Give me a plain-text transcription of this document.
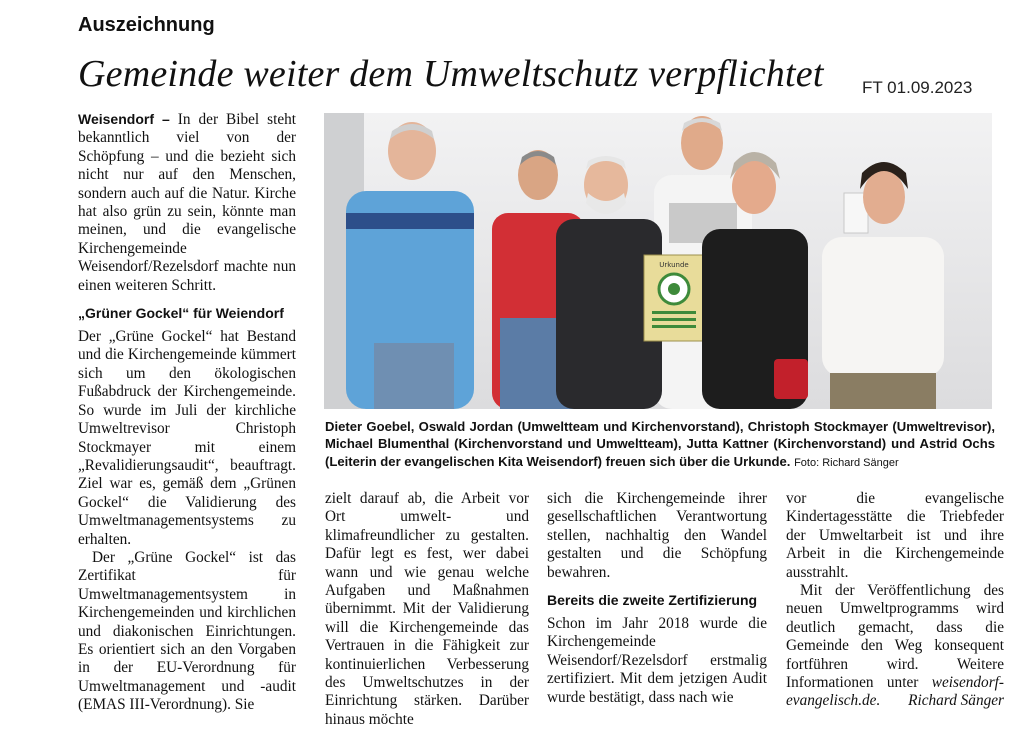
Auszeichnung
Gemeinde weiter dem Umweltschutz verpflichtet FT 01.09.2023

Weisendorf – In der Bibel steht bekanntlich viel von der Schöpfung – und die bezieht sich nicht nur auf den Menschen, sondern auch auf die Natur. Kirche hat also grün zu sein, könnte man meinen, und die evangelische Kirchengemeinde Weisendorf/Rezelsdorf machte nun einen weiteren Schritt.

„Grüner Gockel“ für Weiendorf

Der „Grüne Gockel“ hat Bestand und die Kirchengemeinde kümmert sich um den ökologischen Fußabdruck der Kirchengemeinde. So wurde im Juli der kirchliche Umweltrevisor Christoph Stockmayer mit einem „Revalidierungsaudit“, beauftragt. Ziel war es, gemäß dem „Grünen Gockel“ die Validierung des Umweltmanagementsystems zu erhalten.

Der „Grüne Gockel“ ist das Zertifikat für Umweltmanagementsystem in Kirchengemeinden und kirchlichen und diakonischen Einrichtungen. Es orientiert sich an den Vorgaben in der EU-Verordnung für Umweltmanagement und -audit (EMAS III-Verordnung). Sie

Urkunde
Dieter Goebel, Oswald Jordan (Umweltteam und Kirchenvorstand), Christoph Stockmayer (Umweltrevisor), Michael Blumenthal (Kirchenvorstand und Umweltteam), Jutta Kattner (Kirchenvorstand) und Astrid Ochs (Leiterin der evangelischen Kita Weisendorf) freuen sich über die Urkunde. Foto: Richard Sänger

zielt darauf ab, die Arbeit vor Ort umwelt- und klimafreundlicher zu gestalten. Dafür legt es fest, wer dabei wann und wie genau welche Aufgaben und Maßnahmen übernimmt. Mit der Validierung will die Kirchengemeinde das Vertrauen in die Fähigkeit zur kontinuierlichen Verbesserung des Umweltschutzes in der Einrichtung stärken. Darüber hinaus möchte

sich die Kirchengemeinde ihrer gesellschaftlichen Verantwortung stellen, nachhaltig den Wandel gestalten und die Schöpfung bewahren.

Bereits die zweite Zertifizierung

Schon im Jahr 2018 wurde die Kirchengemeinde Weisendorf/Rezelsdorf erstmalig zertifiziert. Mit dem jetzigen Audit wurde bestätigt, dass nach wie

vor die evangelische Kindertagesstätte die Triebfeder der Umweltarbeit ist und ihre Arbeit in die Kirchengemeinde ausstrahlt.

Mit der Veröffentlichung des neuen Umweltprogramms wird deutlich gemacht, dass die Gemeinde den Weg konsequent fortführen wird. Weitere Informationen unter weisendorf-evangelisch.de.	Richard Sänger
